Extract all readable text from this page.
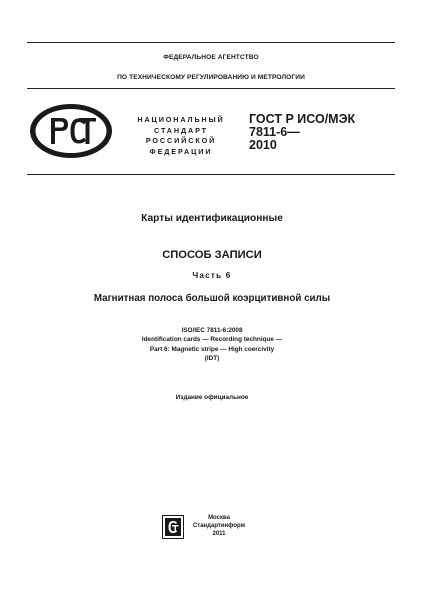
ФЕДЕРАЛЬНОЕ АГЕНТСТВО
ПО ТЕХНИЧЕСКОМУ РЕГУЛИРОВАНИЮ И МЕТРОЛОГИИ
НАЦИОНАЛЬНЫЙ
СТАНДАРТ
РОССИЙСКОЙ
ФЕДЕРАЦИИ
ГОСТ Р ИСО/МЭК
7811-6—
2010
Карты идентификационные
СПОСОБ ЗАПИСИ
Часть 6
Магнитная полоса большой коэрцитивной силы
ISO/IEC 7811-6:2008
Identification cards — Recording technique —
Part 6: Magnetic stripe — High coercivity
(IDT)
Издание официальное
Москва
Стандартинформ
2011
